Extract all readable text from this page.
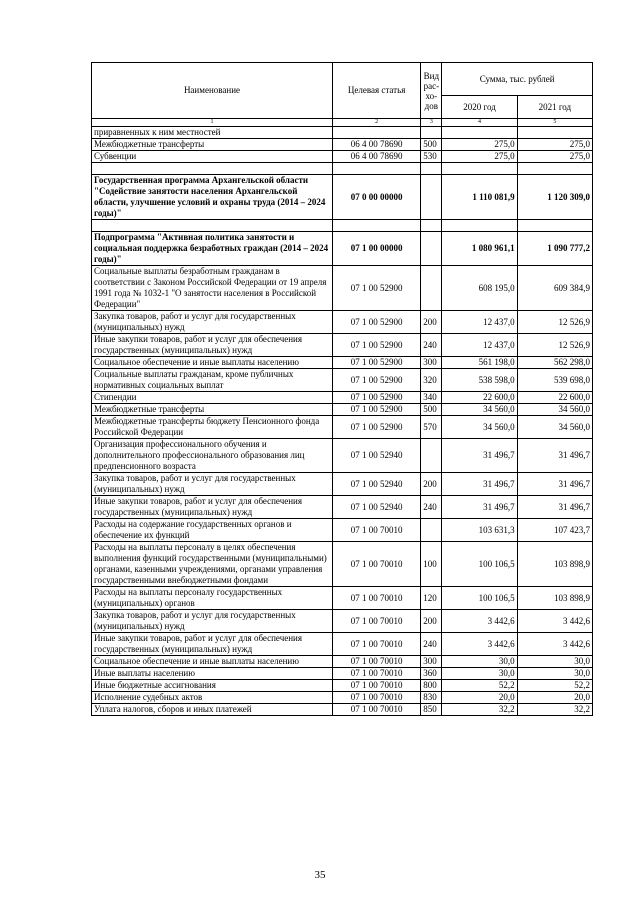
Наименование	Целевая статья	Вид рас-хо-дов	Сумма, тыс. рублей	
			2020 год	2021 год
1	2	3	4	5
приравненных к ним местностей				
Межбюджетные трансферты	06 4 00 78690	500	275,0	275,0
Субвенции	06 4 00 78690	530	275,0	275,0

Государственная программа Архангельской области "Содействие занятости населения Архангельской области, улучшение условий и охраны труда (2014 – 2024 годы)"	07 0 00 00000		1 110 081,9	1 120 309,0

Подпрограмма "Активная политика занятости и социальная поддержка безработных граждан (2014 – 2024 годы)"	07 1 00 00000		1 080 961,1	1 090 777,2
Социальные выплаты безработным гражданам в соответствии с Законом Российской Федерации от 19 апреля 1991 года № 1032-1 "О занятости населения в Российской Федерации"	07 1 00 52900		608 195,0	609 384,9
Закупка товаров, работ и услуг для государственных (муниципальных) нужд	07 1 00 52900	200	12 437,0	12 526,9
Иные закупки товаров, работ и услуг для обеспечения государственных (муниципальных) нужд	07 1 00 52900	240	12 437,0	12 526,9
Социальное обеспечение и иные выплаты населению	07 1 00 52900	300	561 198,0	562 298,0
Социальные выплаты гражданам, кроме публичных нормативных социальных выплат	07 1 00 52900	320	538 598,0	539 698,0
Стипендии	07 1 00 52900	340	22 600,0	22 600,0
Межбюджетные трансферты	07 1 00 52900	500	34 560,0	34 560,0
Межбюджетные трансферты бюджету Пенсионного фонда Российской Федерации	07 1 00 52900	570	34 560,0	34 560,0
Организация профессионального обучения и дополнительного профессионального образования лиц предпенсионного возраста	07 1 00 52940		31 496,7	31 496,7
Закупка товаров, работ и услуг для государственных (муниципальных) нужд	07 1 00 52940	200	31 496,7	31 496,7
Иные закупки товаров, работ и услуг для обеспечения государственных (муниципальных) нужд	07 1 00 52940	240	31 496,7	31 496,7
Расходы на содержание государственных органов и обеспечение их функций	07 1 00 70010		103 631,3	107 423,7
Расходы на выплаты персоналу в целях обеспечения выполнения функций государственными (муниципальными) органами, казенными учреждениями, органами управления государственными внебюджетными фондами	07 1 00 70010	100	100 106,5	103 898,9
Расходы на выплаты персоналу государственных (муниципальных) органов	07 1 00 70010	120	100 106,5	103 898,9
Закупка товаров, работ и услуг для государственных (муниципальных) нужд	07 1 00 70010	200	3 442,6	3 442,6
Иные закупки товаров, работ и услуг для обеспечения государственных (муниципальных) нужд	07 1 00 70010	240	3 442,6	3 442,6
Социальное обеспечение и иные выплаты населению	07 1 00 70010	300	30,0	30,0
Иные выплаты населению	07 1 00 70010	360	30,0	30,0
Иные бюджетные ассигнования	07 1 00 70010	800	52,2	52,2
Исполнение судебных актов	07 1 00 70010	830	20,0	20,0
Уплата налогов, сборов и иных платежей	07 1 00 70010	850	32,2	32,2
35
